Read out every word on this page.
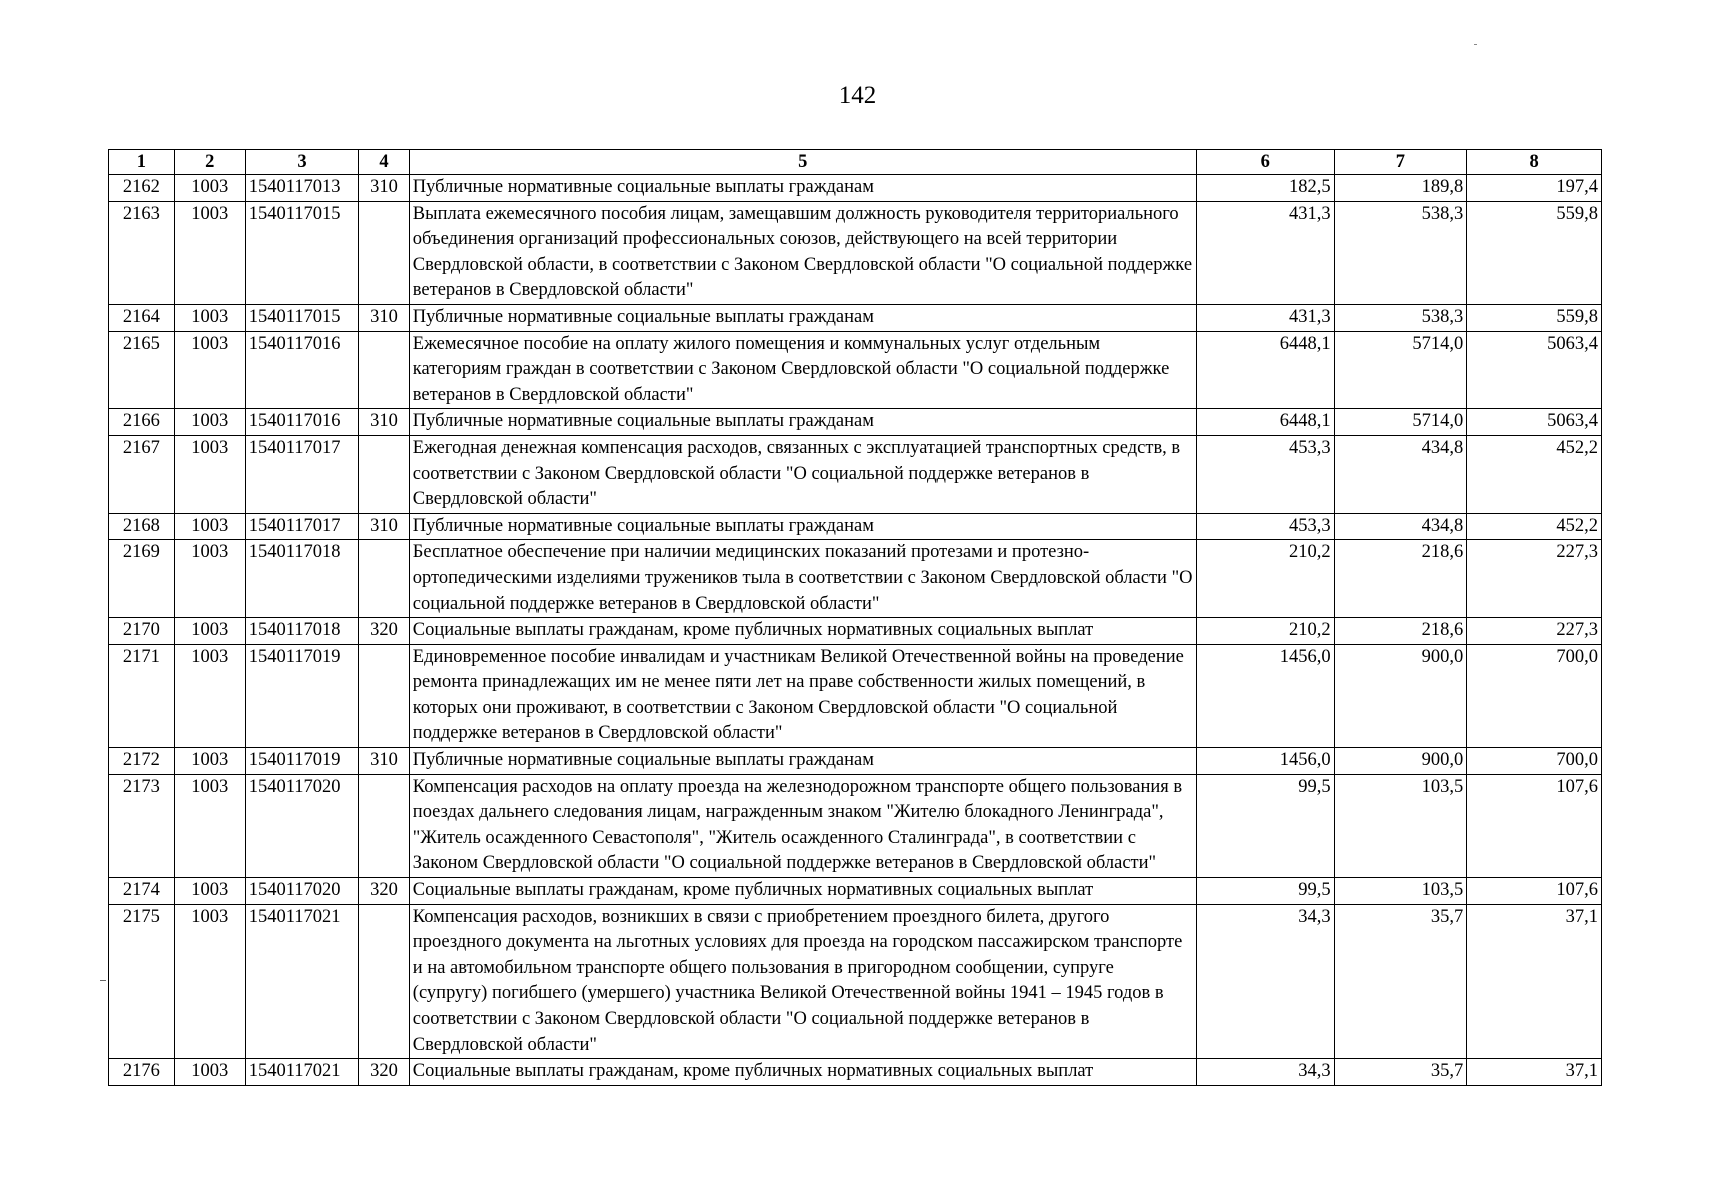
142
1	2	3	4	5	6	7	8
2162	1003	1540117013	310	Публичные нормативные социальные выплаты гражданам	182,5	189,8	197,4
2163	1003	1540117015		Выплата ежемесячного пособия лицам, замещавшим должность руководителя территориального объединения организаций профессиональных союзов, действующего на всей территории Свердловской области, в соответствии с Законом Свердловской области "О социальной поддержке ветеранов в Свердловской области"	431,3	538,3	559,8
2164	1003	1540117015	310	Публичные нормативные социальные выплаты гражданам	431,3	538,3	559,8
2165	1003	1540117016		Ежемесячное пособие на оплату жилого помещения и коммунальных услуг отдельным категориям граждан в соответствии с Законом Свердловской области "О социальной поддержке ветеранов в Свердловской области"	6448,1	5714,0	5063,4
2166	1003	1540117016	310	Публичные нормативные социальные выплаты гражданам	6448,1	5714,0	5063,4
2167	1003	1540117017		Ежегодная денежная компенсация расходов, связанных с эксплуатацией транспортных средств, в соответствии с Законом Свердловской области "О социальной поддержке ветеранов в Свердловской области"	453,3	434,8	452,2
2168	1003	1540117017	310	Публичные нормативные социальные выплаты гражданам	453,3	434,8	452,2
2169	1003	1540117018		Бесплатное обеспечение при наличии медицинских показаний протезами и протезно-ортопедическими изделиями тружеников тыла в соответствии с Законом Свердловской области "О социальной поддержке ветеранов в Свердловской области"	210,2	218,6	227,3
2170	1003	1540117018	320	Социальные выплаты гражданам, кроме публичных нормативных социальных выплат	210,2	218,6	227,3
2171	1003	1540117019		Единовременное пособие инвалидам и участникам Великой Отечественной войны на проведение ремонта принадлежащих им не менее пяти лет на праве собственности жилых помещений, в которых они проживают, в соответствии с Законом Свердловской области "О социальной поддержке ветеранов в Свердловской области"	1456,0	900,0	700,0
2172	1003	1540117019	310	Публичные нормативные социальные выплаты гражданам	1456,0	900,0	700,0
2173	1003	1540117020		Компенсация расходов на оплату проезда на железнодорожном транспорте общего пользования в поездах дальнего следования лицам, награжденным знаком "Жителю блокадного Ленинграда", "Житель осажденного Севастополя", "Житель осажденного Сталинграда", в соответствии с Законом Свердловской области "О социальной поддержке ветеранов в Свердловской области"	99,5	103,5	107,6
2174	1003	1540117020	320	Социальные выплаты гражданам, кроме публичных нормативных социальных выплат	99,5	103,5	107,6
2175	1003	1540117021		Компенсация расходов, возникших в связи с приобретением проездного билета, другого проездного документа на льготных условиях для проезда на городском пассажирском транспорте и на автомобильном транспорте общего пользования в пригородном сообщении, супруге (супругу) погибшего (умершего) участника Великой Отечественной войны 1941 – 1945 годов в соответствии с Законом Свердловской области "О социальной поддержке ветеранов в Свердловской области"	34,3	35,7	37,1
2176	1003	1540117021	320	Социальные выплаты гражданам, кроме публичных нормативных социальных выплат	34,3	35,7	37,1
